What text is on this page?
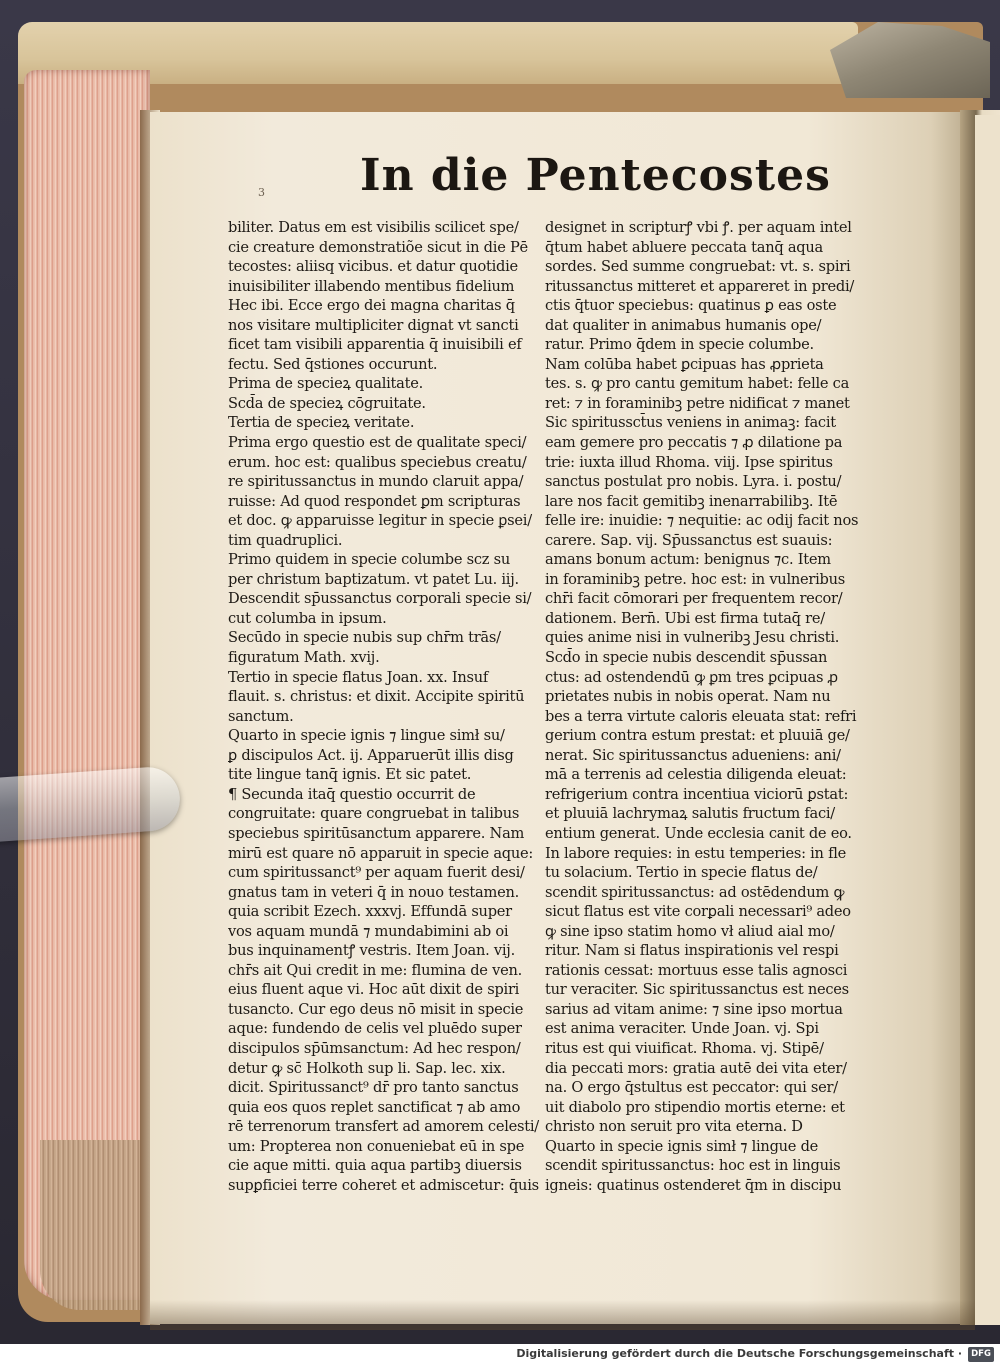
3 In die Pentecostes
biliter. Datus em est visibilis scilicet spe/
cie creature demonstratiõe sicut in die Pē
tecostes: aliisq vicibus. et datur quotidie
inuisibiliter illabendo mentibus fidelium
Hec ibi. Ecce ergo dei magna charitas q̄
nos visitare multipliciter dignat vt sancti
ficet tam visibili apparentia q̄ inuisibili ef
fectu. Sed q̄stiones occurunt.
Prima de specieꝝ qualitate.
Scd̄a de specieꝝ cōgruitate.
Tertia de specieꝝ veritate.
Prima ergo questio est de qualitate speci/
erum. hoc est: qualibus speciebus creatu/
re spiritussanctus in mundo claruit appa/
ruisse: Ad quod respondet ꝑm scripturas
et doc. ꝙ apparuisse legitur in specie ꝑsei/
tim quadruplici.
Primo quidem in specie columbe scz su
per christum baptizatum. vt patet Lu. iij.
Descendit sp̄ussanctus corporali specie si/
cut columba in ipsum.
Secūdo in specie nubis sup chr̄m trās/
figuratum Math. xvij.
Tertio in specie flatus Joan. xx. Insuf
flauit. s. christus: et dixit. Accipite spiritū
sanctum.
Quarto in specie ignis ⁊ lingue simł su/
ꝑ discipulos Act. ij. Apparuerūt illis disg
tite lingue tanq̄ ignis. Et sic patet.
¶ Secunda itaq̄ questio occurrit de
congruitate: quare congruebat in talibus
speciebus spiritūsanctum apparere. Nam
mirū est quare nō apparuit in specie aque:
cum spiritussanct⁹ per aquam fuerit desi/
gnatus tam in veteri q̄ in nouo testamen.
quia scribit Ezech. xxxvj. Effundā super
vos aquam mundā ⁊ mundabimini ab oi
bus inquinamentꝭ vestris. Item Joan. vij.
chr̄s ait Qui credit in me: flumina de ven.
eius fluent aque vi. Hoc aūt dixit de spiri
tusancto. Cur ego deus nō misit in specie
aque: fundendo de celis vel pluēdo super
discipulos sp̄ūmsanctum: Ad hec respon/
detur ꝙ sc̄ Holkoth sup li. Sap. lec. xix.
dicit. Spiritussanct⁹ dr̄ pro tanto sanctus
quia eos quos replet sanctificat ⁊ ab amo
rē terrenorum transfert ad amorem celesti/
um: Propterea non conueniebat eū in spe
cie aque mitti. quia aqua partibꝫ diuersis
supꝑficiei terre coheret et admiscetur: q̄uis
designet in scripturꝭ vbi ꝭ. per aquam intel
q̄tum habet abluere peccata tanq̄ aqua
sordes. Sed summe congruebat: vt. s. spiri
ritussanctus mitteret et appareret in predi/
ctis q̄tuor speciebus: quatinus ꝑ eas oste
dat qualiter in animabus humanis ope/
ratur. Primo q̄dem in specie columbe.
Nam colūba habet ꝑcipuas has ꝓprieta
tes. s. ꝙ pro cantu gemitum habet: felle ca
ret: ⁊ in foraminibꝫ petre nidificat ⁊ manet
Sic spiritussct̄us veniens in animaꝫ: facit
eam gemere pro peccatis ⁊ ꝓ dilatione pa
trie: iuxta illud Rhoma. viij. Ipse spiritus
sanctus postulat pro nobis. Lyra. i. postu/
lare nos facit gemitibꝫ inenarrabilibꝫ. Itē
felle ire: inuidie: ⁊ nequitie: ac odij facit nos
carere. Sap. vij. Sp̄ussanctus est suauis:
amans bonum actum: benignus ⁊c. Item
in foraminibꝫ petre. hoc est: in vulneribus
chr̄i facit cōmorari per frequentem recor/
dationem. Bern̄. Ubi est firma tutaq̄ re/
quies anime nisi in vulneribꝫ Jesu christi.
Scd̄o in specie nubis descendit sp̄ussan
ctus: ad ostendendū ꝙ ꝑm tres ꝑcipuas ꝓ
prietates nubis in nobis operat. Nam nu
bes a terra virtute caloris eleuata stat: refri
gerium contra estum prestat: et pluuiā ge/
nerat. Sic spiritussanctus adueniens: ani/
mā a terrenis ad celestia diligenda eleuat:
refrigerium contra incentiua viciorū ꝑstat:
et pluuiā lachrymaꝝ salutis fructum faci/
entium generat. Unde ecclesia canit de eo.
In labore requies: in estu temperies: in fle
tu solacium. Tertio in specie flatus de/
scendit spiritussanctus: ad ostēdendum ꝙ
sicut flatus est vite corꝑali necessari⁹ adeo
ꝙ sine ipso statim homo vł aliud aial mo/
ritur. Nam si flatus inspirationis vel respi
rationis cessat: mortuus esse talis agnosci
tur veraciter. Sic spiritussanctus est neces
sarius ad vitam anime: ⁊ sine ipso mortua
est anima veraciter. Unde Joan. vj. Spi
ritus est qui viuificat. Rhoma. vj. Stipē/
dia peccati mors: gratia autē dei vita eter/
na. O ergo q̄stultus est peccator: qui ser/
uit diabolo pro stipendio mortis eterne: et
christo non seruit pro vita eterna. D
Quarto in specie ignis simł ⁊ lingue de
scendit spiritussanctus: hoc est in linguis
igneis: quatinus ostenderet q̄m in discipu
Digitalisierung gefördert durch die Deutsche Forschungsgemeinschaft ·	DFG
